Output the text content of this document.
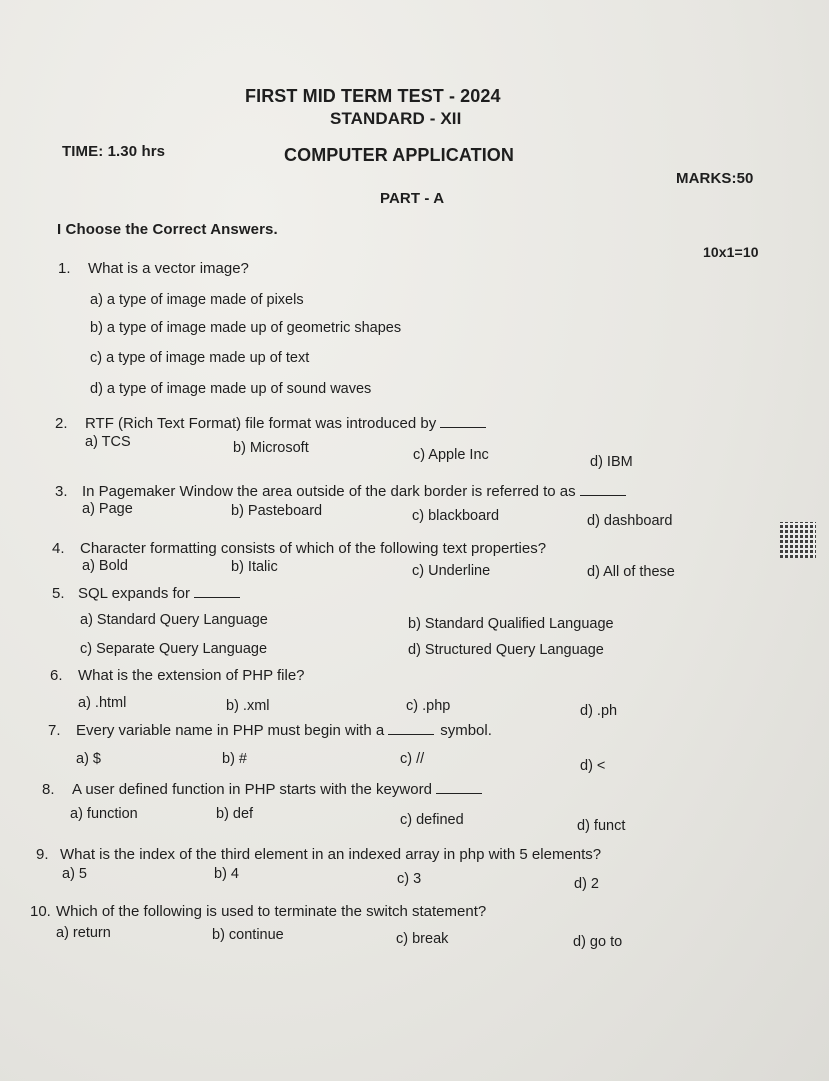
FIRST MID TERM TEST - 2024
STANDARD - XII
TIME: 1.30 hrs	COMPUTER APPLICATION
MARKS:50
PART - A
I Choose the Correct Answers.
10x1=10
1. What is a vector image?
a) a type of image made of pixels
b) a type of image made up of geometric shapes
c) a type of image made up of text
d) a type of image made up of sound waves
2. RTF (Rich Text Format) file format was introduced by
a) TCS	b) Microsoft	c) Apple Inc	d) IBM
3. In Pagemaker Window the area outside of the dark border is referred to as
a) Page	b) Pasteboard	c) blackboard	d) dashboard
4. Character formatting consists of which of the following text properties?
a) Bold	b) Italic	c) Underline	d) All of these
5. SQL expands for
a) Standard Query Language	b) Standard Qualified Language
c) Separate Query Language	d) Structured Query Language
6. What is the extension of PHP file?
a) .html	b) .xml	c) .php	d) .ph
7. Every variable name in PHP must begin with a	symbol.
a) $	b) #	c) //	d) <
8. A user defined function in PHP starts with the keyword
a) function	b) def	c) defined	d) funct
9. What is the index of the third element in an indexed array in php with 5 elements?
a) 5	b) 4	c) 3	d) 2
10. Which of the following is used to terminate the switch statement?
a) return	b) continue	c) break	d) go to
